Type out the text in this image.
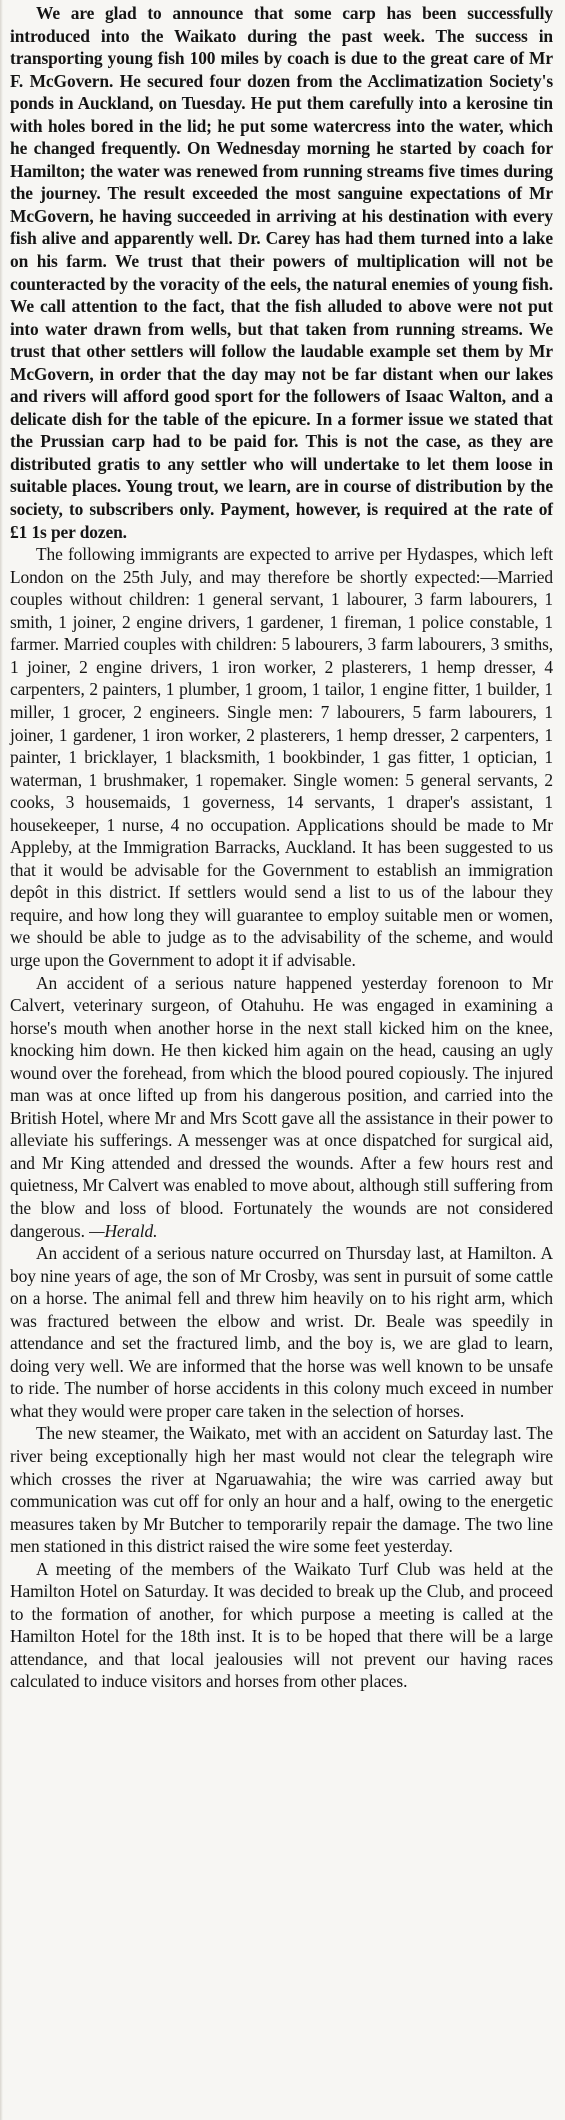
We are glad to announce that some carp has been successfully introduced into the Waikato during the past week. The success in transporting young fish 100 miles by coach is due to the great care of Mr F. McGovern. He secured four dozen from the Acclimatization Society's ponds in Auckland, on Tuesday. He put them carefully into a kerosine tin with holes bored in the lid; he put some watercress into the water, which he changed frequently. On Wednesday morning he started by coach for Hamilton; the water was renewed from running streams five times during the journey. The result exceeded the most sanguine expectations of Mr McGovern, he having succeeded in arriving at his destination with every fish alive and apparently well. Dr. Carey has had them turned into a lake on his farm. We trust that their powers of multiplication will not be counteracted by the voracity of the eels, the natural enemies of young fish. We call attention to the fact, that the fish alluded to above were not put into water drawn from wells, but that taken from running streams. We trust that other settlers will follow the laudable example set them by Mr McGovern, in order that the day may not be far distant when our lakes and rivers will afford good sport for the followers of Isaac Walton, and a delicate dish for the table of the epicure. In a former issue we stated that the Prussian carp had to be paid for. This is not the case, as they are distributed gratis to any settler who will undertake to let them loose in suitable places. Young trout, we learn, are in course of distribution by the society, to subscribers only. Payment, however, is required at the rate of £1 1s per dozen.

The following immigrants are expected to arrive per Hydaspes, which left London on the 25th July, and may therefore be shortly expected:—Married couples without children: 1 general servant, 1 labourer, 3 farm labourers, 1 smith, 1 joiner, 2 engine drivers, 1 gardener, 1 fireman, 1 police constable, 1 farmer. Married couples with children: 5 labourers, 3 farm labourers, 3 smiths, 1 joiner, 2 engine drivers, 1 iron worker, 2 plasterers, 1 hemp dresser, 4 carpenters, 2 painters, 1 plumber, 1 groom, 1 tailor, 1 engine fitter, 1 builder, 1 miller, 1 grocer, 2 engineers. Single men: 7 labourers, 5 farm labourers, 1 joiner, 1 gardener, 1 iron worker, 2 plasterers, 1 hemp dresser, 2 carpenters, 1 painter, 1 bricklayer, 1 blacksmith, 1 bookbinder, 1 gas fitter, 1 optician, 1 waterman, 1 brushmaker, 1 ropemaker. Single women: 5 general servants, 2 cooks, 3 housemaids, 1 governess, 14 servants, 1 draper's assistant, 1 housekeeper, 1 nurse, 4 no occupation. Applications should be made to Mr Appleby, at the Immigration Barracks, Auckland. It has been suggested to us that it would be advisable for the Government to establish an immigration depôt in this district. If settlers would send a list to us of the labour they require, and how long they will guarantee to employ suitable men or women, we should be able to judge as to the advisability of the scheme, and would urge upon the Government to adopt it if advisable.

An accident of a serious nature happened yesterday forenoon to Mr Calvert, veterinary surgeon, of Otahuhu. He was engaged in examining a horse's mouth when another horse in the next stall kicked him on the knee, knocking him down. He then kicked him again on the head, causing an ugly wound over the forehead, from which the blood poured copiously. The injured man was at once lifted up from his dangerous position, and carried into the British Hotel, where Mr and Mrs Scott gave all the assistance in their power to alleviate his sufferings. A messenger was at once dispatched for surgical aid, and Mr King attended and dressed the wounds. After a few hours rest and quietness, Mr Calvert was enabled to move about, although still suffering from the blow and loss of blood. Fortunately the wounds are not considered dangerous. —Herald.

An accident of a serious nature occurred on Thursday last, at Hamilton. A boy nine years of age, the son of Mr Crosby, was sent in pursuit of some cattle on a horse. The animal fell and threw him heavily on to his right arm, which was fractured between the elbow and wrist. Dr. Beale was speedily in attendance and set the fractured limb, and the boy is, we are glad to learn, doing very well. We are informed that the horse was well known to be unsafe to ride. The number of horse accidents in this colony much exceed in number what they would were proper care taken in the selection of horses.

The new steamer, the Waikato, met with an accident on Saturday last. The river being exceptionally high her mast would not clear the telegraph wire which crosses the river at Ngaruawahia; the wire was carried away but communication was cut off for only an hour and a half, owing to the energetic measures taken by Mr Butcher to temporarily repair the damage. The two line men stationed in this district raised the wire some feet yesterday.

A meeting of the members of the Waikato Turf Club was held at the Hamilton Hotel on Saturday. It was decided to break up the Club, and proceed to the formation of another, for which purpose a meeting is called at the Hamilton Hotel for the 18th inst. It is to be hoped that there will be a large attendance, and that local jealousies will not prevent our having races calculated to induce visitors and horses from other places.
